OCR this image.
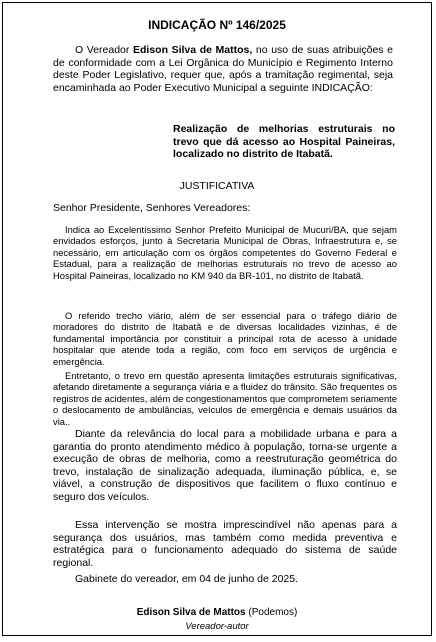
INDICAÇÃO Nº 146/2025

O Vereador Edison Silva de Mattos, no uso de suas atribuições e de conformidade com a Lei Orgânica do Município e Regimento Interno deste Poder Legislativo, requer que, após a tramitação regimental, seja encaminhada ao Poder Executivo Municipal a seguinte INDICAÇÃO:

Realização de melhorias estruturais no trevo que dá acesso ao Hospital Paineiras, localizado no distrito de Itabatã.

JUSTIFICATIVA
Senhor Presidente, Senhores Vereadores:

Indica ao Excelentíssimo Senhor Prefeito Municipal de Mucuri/BA, que sejam envidados esforços, junto à Secretaria Municipal de Obras, Infraestrutura e, se necessário, em articulação com os órgãos competentes do Governo Federal e Estadual, para a realização de melhorias estruturais no trevo de acesso ao Hospital Paineiras, localizado no KM 940 da BR-101, no distrito de Itabatã.

O referido trecho viário, além de ser essencial para o tráfego diário de moradores do distrito de Itabatã e de diversas localidades vizinhas, é de fundamental importância por constituir a principal rota de acesso à unidade hospitalar que atende toda a região, com foco em serviços de urgência e emergência.

Entretanto, o trevo em questão apresenta limitações estruturais significativas, afetando diretamente a segurança viária e a fluidez do trânsito. São frequentes os registros de acidentes, além de congestionamentos que comprometem seriamente o deslocamento de ambulâncias, veículos de emergência e demais usuários da via..

Diante da relevância do local para a mobilidade urbana e para a garantia do pronto atendimento médico à população, torna-se urgente a execução de obras de melhoria, como a reestruturação geométrica do trevo, instalação de sinalização adequada, iluminação pública, e, se viável, a construção de dispositivos que facilitem o fluxo contínuo e seguro dos veículos.

Essa intervenção se mostra imprescindível não apenas para a segurança dos usuários, mas também como medida preventiva e estratégica para o funcionamento adequado do sistema de saúde regional.

Gabinete do vereador, em 04 de junho de 2025.
Edison Silva de Mattos (Podemos)
Vereador-autor
